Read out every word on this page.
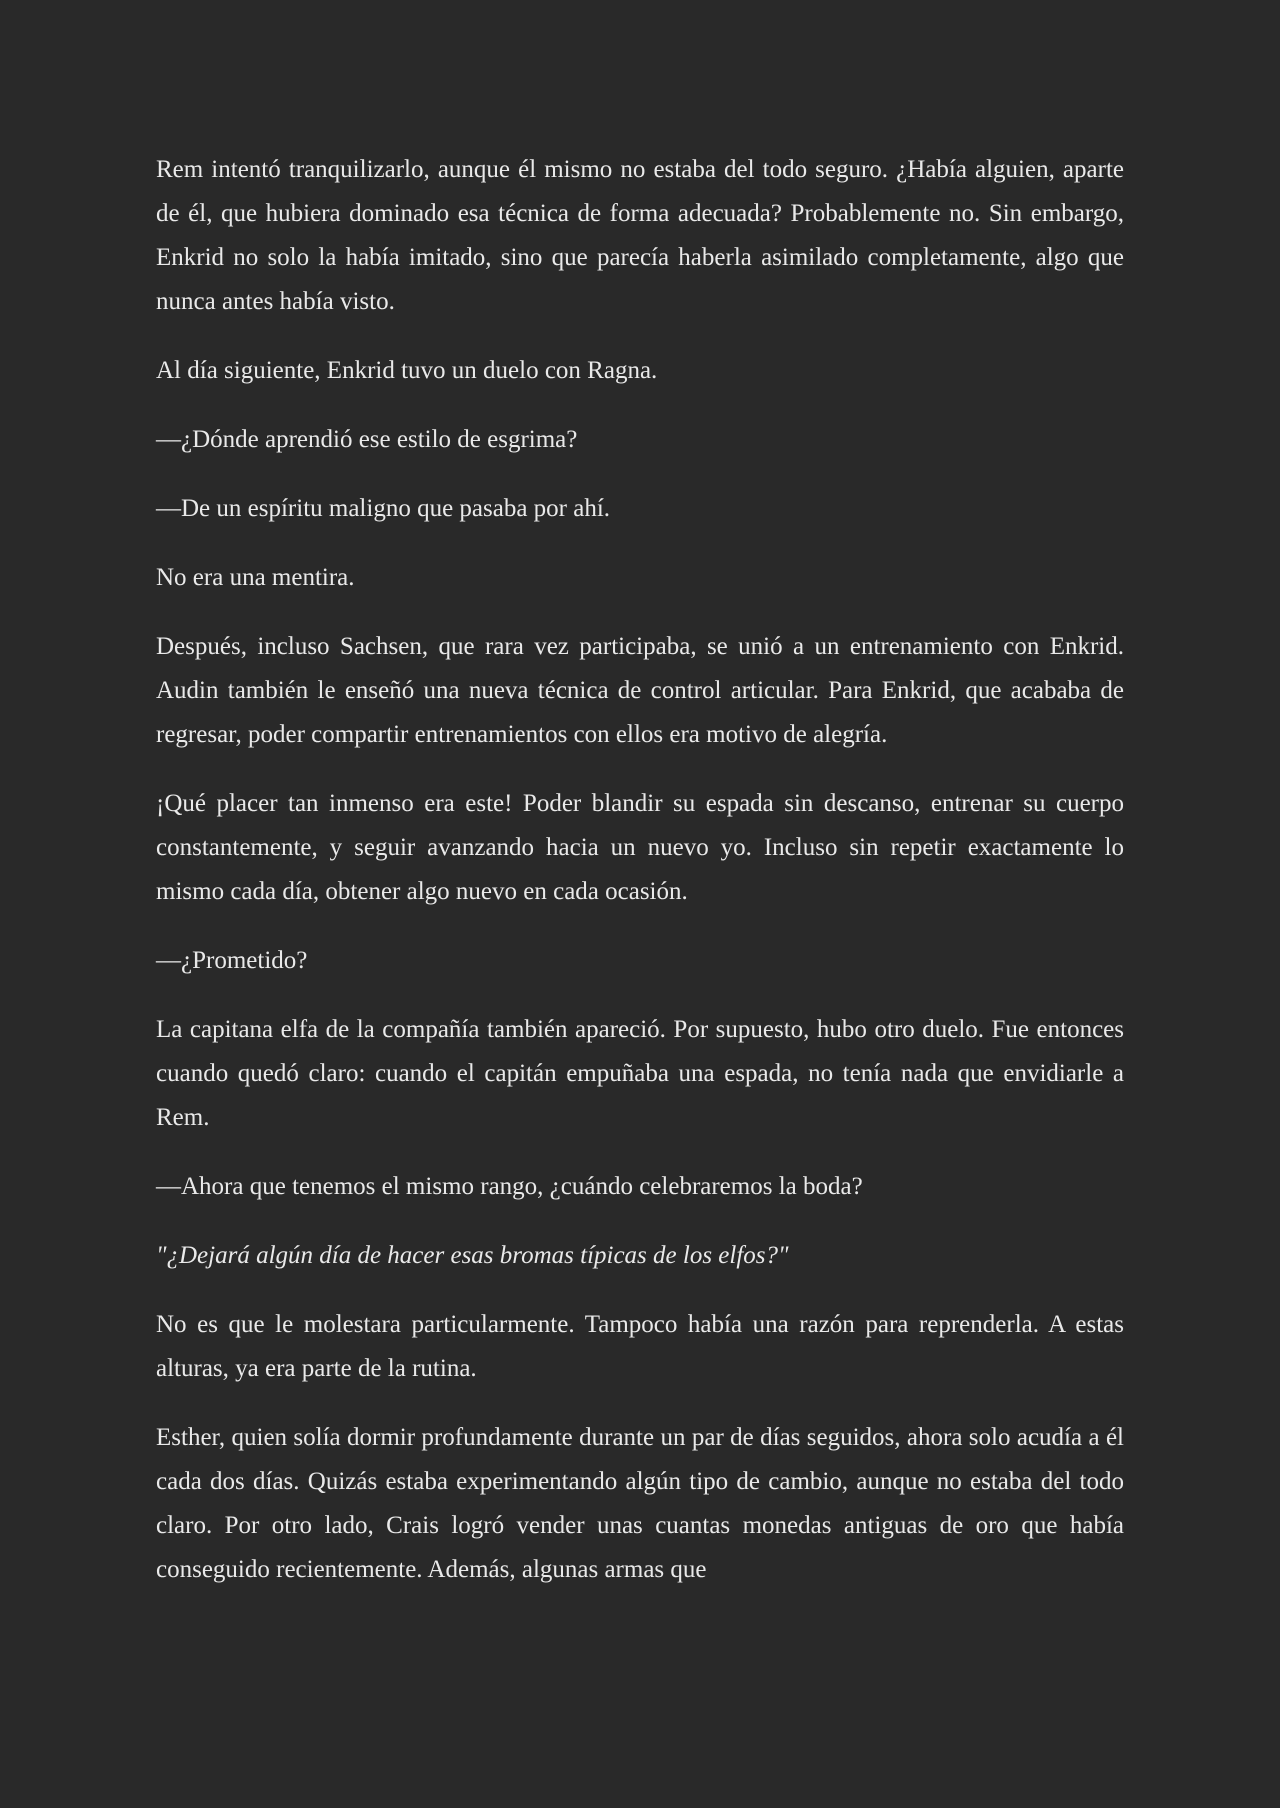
Rem intentó tranquilizarlo, aunque él mismo no estaba del todo seguro. ¿Había alguien, aparte de él, que hubiera dominado esa técnica de forma adecuada? Probablemente no. Sin embargo, Enkrid no solo la había imitado, sino que parecía haberla asimilado completamente, algo que nunca antes había visto.

Al día siguiente, Enkrid tuvo un duelo con Ragna.

—¿Dónde aprendió ese estilo de esgrima?

—De un espíritu maligno que pasaba por ahí.

No era una mentira.

Después, incluso Sachsen, que rara vez participaba, se unió a un entrenamiento con Enkrid. Audin también le enseñó una nueva técnica de control articular. Para Enkrid, que acababa de regresar, poder compartir entrenamientos con ellos era motivo de alegría.

¡Qué placer tan inmenso era este! Poder blandir su espada sin descanso, entrenar su cuerpo constantemente, y seguir avanzando hacia un nuevo yo. Incluso sin repetir exactamente lo mismo cada día, obtener algo nuevo en cada ocasión.

—¿Prometido?

La capitana elfa de la compañía también apareció. Por supuesto, hubo otro duelo. Fue entonces cuando quedó claro: cuando el capitán empuñaba una espada, no tenía nada que envidiarle a Rem.

—Ahora que tenemos el mismo rango, ¿cuándo celebraremos la boda?

"¿Dejará algún día de hacer esas bromas típicas de los elfos?"

No es que le molestara particularmente. Tampoco había una razón para reprenderla. A estas alturas, ya era parte de la rutina.

Esther, quien solía dormir profundamente durante un par de días seguidos, ahora solo acudía a él cada dos días. Quizás estaba experimentando algún tipo de cambio, aunque no estaba del todo claro. Por otro lado, Crais logró vender unas cuantas monedas antiguas de oro que había conseguido recientemente. Además, algunas armas que
